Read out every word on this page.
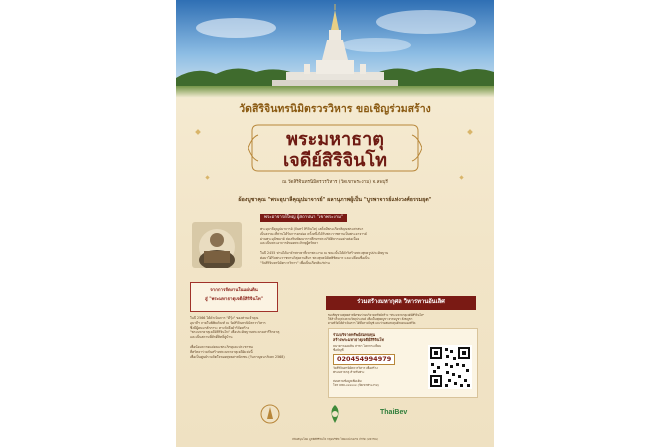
วัดสิริจินทรนิมิตรวรวิหาร ขอเชิญร่วมสร้าง
พระมหาธาตุ
เจดีย์สิริจินโท
ณ วัดสิริจินทรนิมิตรวรวิหาร (วัดเขาพระงาม) จ.ลพบุรี
ผ้องบูชาคุณ "พระอุบาลีคุณูปมาจารย์" ผลานุภาพผู้เป็น "บูรพาจารย์แห่งวงศ์ธรรมยุต"
พระอาจารย์ใหญ่ ผู้สถาปนา "เขาพระงาม"
พระอุบาลีคุณูปมาจารย์ (จันทร์ สิริจินโท) เสด็จมีพระเกียรติคุณพระศาสนา
เป็นธรรมะที่ท่านได้รับการยกย่อง ครั้งหนึ่งได้รับพระราชทานเป็นพระอาจารย์
ผ่านพระอุปัชฌาย์ ส่งเสริมพัฒนาการศึกษาพระปริยัติธรรมอย่างต่อเนื่อง
และเป็นพระอาจารย์ของพระภิกษุผู้ศรัทธา
ในปี 2455 ท่านได้มาจำพรรษาที่เขาพระงาม ณ ขณะนั้นได้ดำริสร้างพระพุทธรูปประดิษฐาน
ต่อมาได้รับพระราชทานวิสุงคามสีมา พระพุทธนิมิตพิชิตมาร และเปลี่ยนชื่อเป็น
"วัดสิริจินทรนิมิตรวรวิหาร" เพื่อเป็นเกียรติแก่ท่าน
จากการจัดงานในแผ่นดิน
สู่ "พระมหาธาตุเจดีย์สิริจินโท"
ในปี 2566 ได้ดำเนินการ "ดีรุ้ง" ของท่านเจ้าคุณ
อุบาลีฯ ภายในพิพิธภัณฑ์ ณ วัดสิริจินทรนิมิตรวรวิหาร
ซึ่งมีผู้คนมาสักการะ ทางวัดจึงดำริจัดสร้าง
"พระมหาธาตุเจดีย์สิริจินโท" เพื่อประดิษฐานพระบรมสารีริกธาตุ
และเป็นสถานที่ศักดิ์สิทธิ์คู่บ้าน
เพื่อน้อมถวายแด่คณะพระภิกษุและประชาชน
ที่ศรัทธาร่วมกันสร้างพระมหาธาตุเจดีย์แห่งนี้
เพื่อเป็นศูนย์รวมจิตใจของพุทธศาสนิกชน (วันกาญจนาภิเษก 2568)
ร่วมสร้างมหากุศล วิหารทานอันเลิศ
ขอเชิญชวนพุทธศาสนิกชนร่วมบริจาคทรัพย์สร้าง "พระมหาธาตุเจดีย์สิริจินโท"
ให้สำเร็จลุล่วงตามวัตถุประสงค์ เพื่อเป็นพุทธบูชา ธรรมบูชา สังฆบูชา
ตามที่วัดได้ดำเนินการ ได้ทั้งทางบัญชี และร่วมสมทบทุนด้วยตนเองที่วัด
ร่วมบริจาคทรัพย์สมทบทุน
สร้างพระมหาธาตุเจดีย์สิริจินโท
ธนาคารออมสิน สาขา โคกกระเทียม
ชื่อบัญชี
020454994979
วัดสิริจินทรนิมิตรวรวิหาร เพื่อสร้าง
พระมหาธาตุ สำหรับพระ
สอบถามข้อมูลเพิ่มเติม
โทร 080-xxxxxx (วัดเขาพระงาม)
ThaiBev
สนับสนุนโดย มูลนิธิสิริจินโท กลุ่มบริษัท ไทยเบฟเวอเรจ จำกัด (มหาชน)
